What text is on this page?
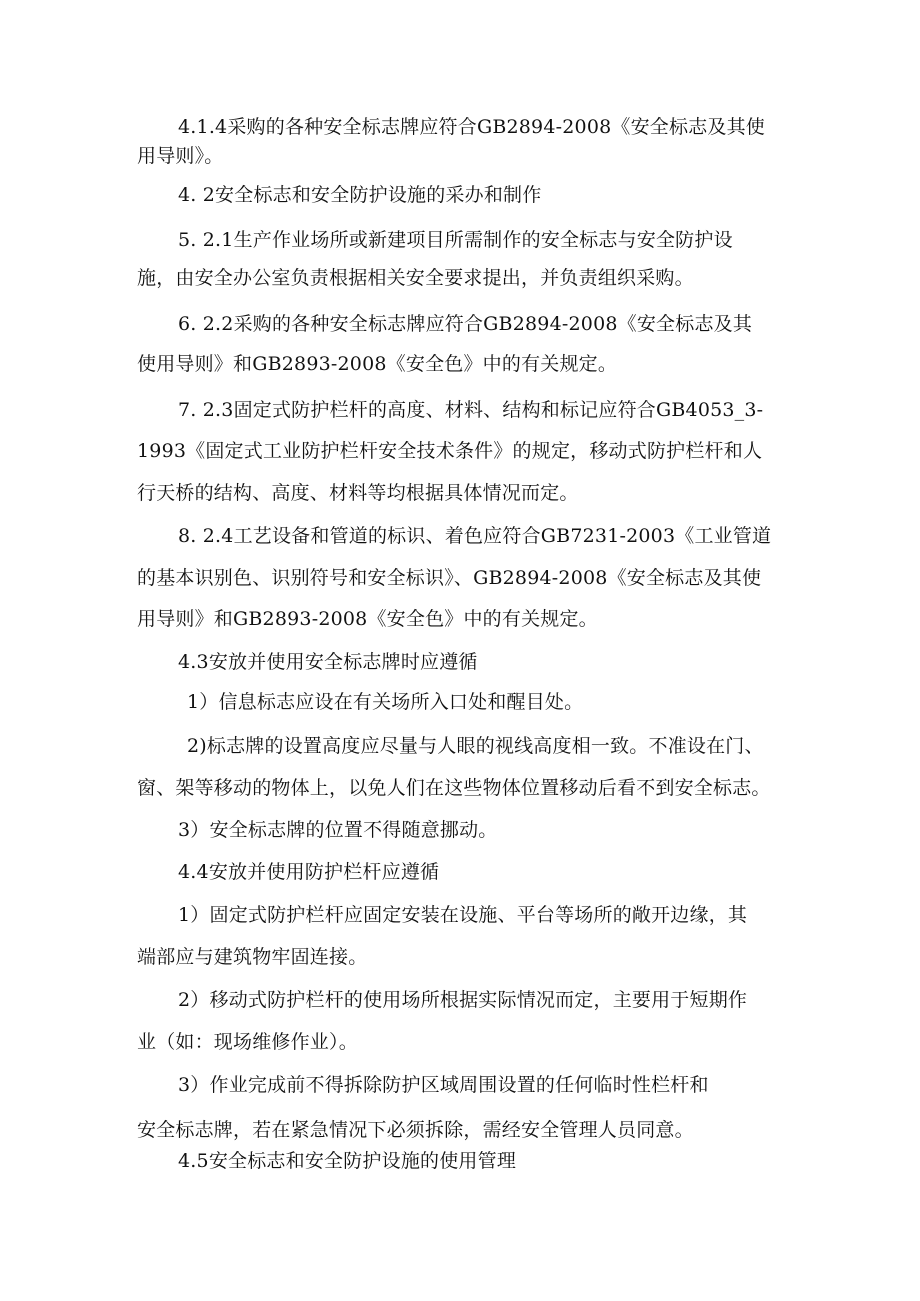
4.1.4采购的各种安全标志牌应符合GB2894-2008《安全标志及其使
用导则》。
4. 2安全标志和安全防护设施的采办和制作
5. 2.1生产作业场所或新建项目所需制作的安全标志与安全防护设
施，由安全办公室负责根据相关安全要求提出，并负责组织采购。
6. 2.2采购的各种安全标志牌应符合GB2894-2008《安全标志及其
使用导则》和GB2893-2008《安全色》中的有关规定。
7. 2.3固定式防护栏杆的高度、材料、结构和标记应符合GB4053_3-
1993《固定式工业防护栏杆安全技术条件》的规定，移动式防护栏杆和人
行天桥的结构、高度、材料等均根据具体情况而定。
8. 2.4工艺设备和管道的标识、着色应符合GB7231-2003《工业管道
的基本识别色、识别符号和安全标识》、GB2894-2008《安全标志及其使
用导则》和GB2893-2008《安全色》中的有关规定。
4.3安放并使用安全标志牌时应遵循
1）信息标志应设在有关场所入口处和醒目处。
2)标志牌的设置高度应尽量与人眼的视线高度相一致。不准设在门、
窗、架等移动的物体上，以免人们在这些物体位置移动后看不到安全标志。
3）安全标志牌的位置不得随意挪动。
4.4安放并使用防护栏杆应遵循
1）固定式防护栏杆应固定安装在设施、平台等场所的敞开边缘，其
端部应与建筑物牢固连接。
2）移动式防护栏杆的使用场所根据实际情况而定，主要用于短期作
业（如：现场维修作业）。
3）作业完成前不得拆除防护区域周围设置的任何临时性栏杆和
安全标志牌，若在紧急情况下必须拆除，需经安全管理人员同意。
4.5安全标志和安全防护设施的使用管理
